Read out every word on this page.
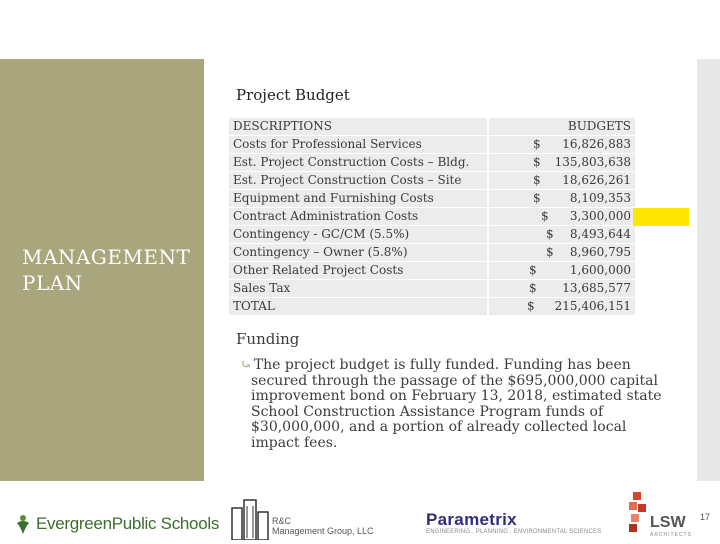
MANAGEMENT
PLAN
Project Budget
DESCRIPTIONS	BUDGETS
Costs for Professional Services	$ 16,826,883
Est. Project Construction Costs – Bldg.	$ 135,803,638
Est. Project Construction Costs – Site	$ 18,626,261
Equipment and Furnishing Costs	$ 8,109,353
Contract Administration Costs	$ 3,300,000
Contingency - GC/CM (5.5%)	$ 8,493,644
Contingency – Owner (5.8%)	$ 8,960,795
Other Related Project Costs	$	1,600,000
Sales Tax	$ 13,685,577
TOTAL	$ 215,406,151
Funding
⤿ The project budget is fully funded. Funding has been secured through the passage of the $695,000,000 capital improvement bond on February 13, 2018, estimated state School Construction Assistance Program funds of $30,000,000, and a portion of already collected local impact fees.
EvergreenPublic Schools	R&C
Management Group, LLC
Parametrix
ENGINEERING . PLANNING . ENVIRONMENTAL SCIENCES
LSW
ARCHITECTS
17
